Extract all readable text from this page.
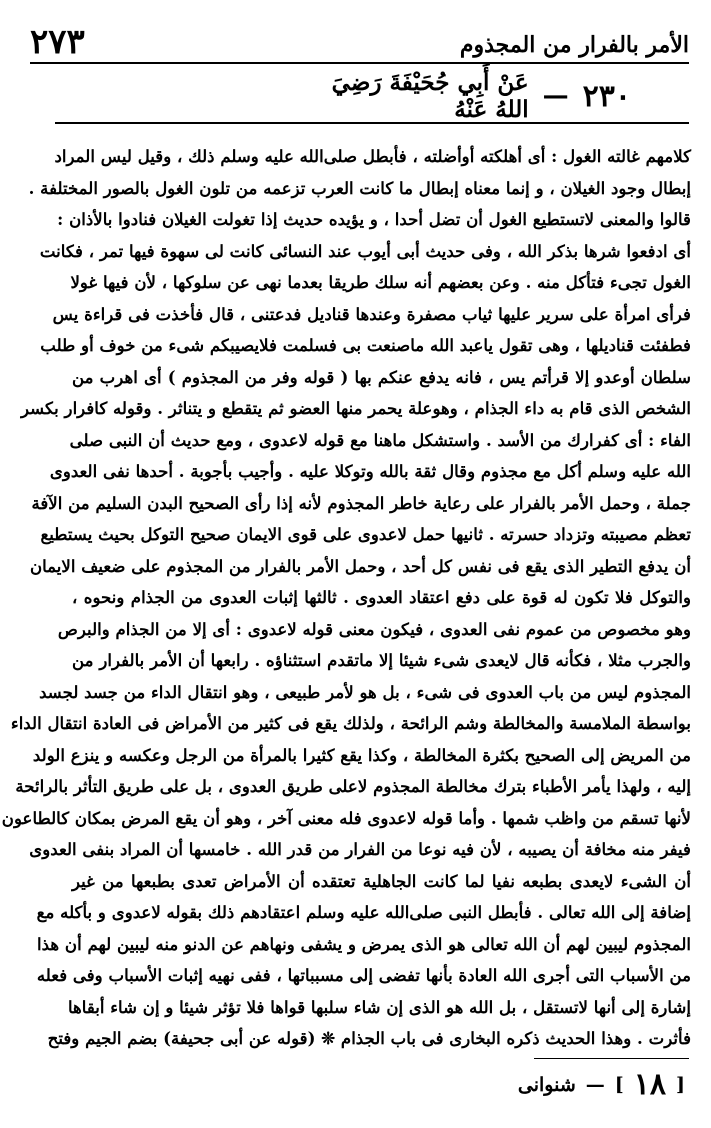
الأمر بالفرار من المجذوم
٢٧٣
٢٣٠
—
عَنْ أَبِي جُحَيْفَةَ رَضِيَ اللهُ عَنْهُ
كلامهم غالته الغول : أى أهلكته أوأضلته ، فأبطل صلى‌الله عليه وسلم ذلك ، وقيل ليس المراد
إبطال وجود الغيلان ، و إنما معناه إبطال ما كانت العرب تزعمه من تلون الغول بالصور المختلفة .
قالوا والمعنى لاتستطيع الغول أن تضل أحدا ، و يؤيده حديث إذا تغولت الغيلان فنادوا بالأذان :
أى ادفعوا شرها بذكر الله ، وفى حديث أبى أيوب عند النسائى كانت لى سهوة فيها تمر ، فكانت
الغول تجىء فتأكل منه . وعن بعضهم أنه سلك طريقا بعدما نهى عن سلوكها ، لأن فيها غولا
فرأى امرأة على سرير عليها ثياب مصفرة وعندها قناديل فدعتنى ، قال فأخذت فى قراءة يس
فطفئت قناديلها ، وهى تقول ياعبد الله ماصنعت بى فسلمت فلايصيبكم شىء من خوف أو طلب
سلطان أوعدو إلا قرأتم يس ، فانه يدفع عنكم بها ( قوله وفر من المجذوم ) أى اهرب من
الشخص الذى قام به داء الجذام ، وهوعلة يحمر منها العضو ثم يتقطع و يتناثر . وقوله كافرار بكسر
الفاء : أى كفرارك من الأسد . واستشكل ماهنا مع قوله لاعدوى ، ومع حديث أن النبى صلى
الله عليه وسلم أكل مع مجذوم وقال ثقة بالله وتوكلا عليه . وأجيب بأجوبة . أحدها نفى العدوى
جملة ، وحمل الأمر بالفرار على رعاية خاطر المجذوم لأنه إذا رأى الصحيح البدن السليم من الآفة
تعظم مصيبته وتزداد حسرته . ثانيها حمل لاعدوى على قوى الايمان صحيح التوكل بحيث يستطيع
أن يدفع التطير الذى يقع فى نفس كل أحد ، وحمل الأمر بالفرار من المجذوم على ضعيف الايمان
والتوكل فلا تكون له قوة على دفع اعتقاد العدوى . ثالثها إثبات العدوى من الجذام ونحوه ،
وهو مخصوص من عموم نفى العدوى ، فيكون معنى قوله لاعدوى : أى إلا من الجذام والبرص
والجرب مثلا ، فكأنه قال لايعدى شىء شيئا إلا ماتقدم استثناؤه . رابعها أن الأمر بالفرار من
المجذوم ليس من باب العدوى فى شىء ، بل هو لأمر طبيعى ، وهو انتقال الداء من جسد لجسد
بواسطة الملامسة والمخالطة وشم الرائحة ، ولذلك يقع فى كثير من الأمراض فى العادة انتقال الداء
من المريض إلى الصحيح بكثرة المخالطة ، وكذا يقع كثيرا بالمرأة من الرجل وعكسه و ينزع الولد
إليه ، ولهذا يأمر الأطباء بترك مخالطة المجذوم لاعلى طريق العدوى ، بل على طريق التأثر بالرائحة
لأنها تسقم من واظب شمها . وأما قوله لاعدوى فله معنى آخر ، وهو أن يقع المرض بمكان كالطاعون
فيفر منه مخافة أن يصيبه ، لأن فيه نوعا من الفرار من قدر الله . خامسها أن المراد بنفى العدوى
أن الشىء لايعدى بطبعه نفيا لما كانت الجاهلية تعتقده أن الأمراض تعدى بطبعها من غير
إضافة إلى الله تعالى . فأبطل النبى صلى‌الله عليه وسلم اعتقادهم ذلك بقوله لاعدوى و بأكله مع
المجذوم ليبين لهم أن الله تعالى هو الذى يمرض و يشفى ونهاهم عن الدنو منه ليبين لهم أن هذا
من الأسباب التى أجرى الله العادة بأنها تفضى إلى مسبباتها ، ففى نهيه إثبات الأسباب وفى فعله
إشارة إلى أنها لاتستقل ، بل الله هو الذى إن شاء سلبها قواها فلا تؤثر شيئا و إن شاء أبقاها
فأثرت . وهذا الحديث ذكره البخارى فى باب الجذام ❊ (قوله عن أبى جحيفة) بضم الجيم وفتح
[
١٨
]
—
شنوانى
